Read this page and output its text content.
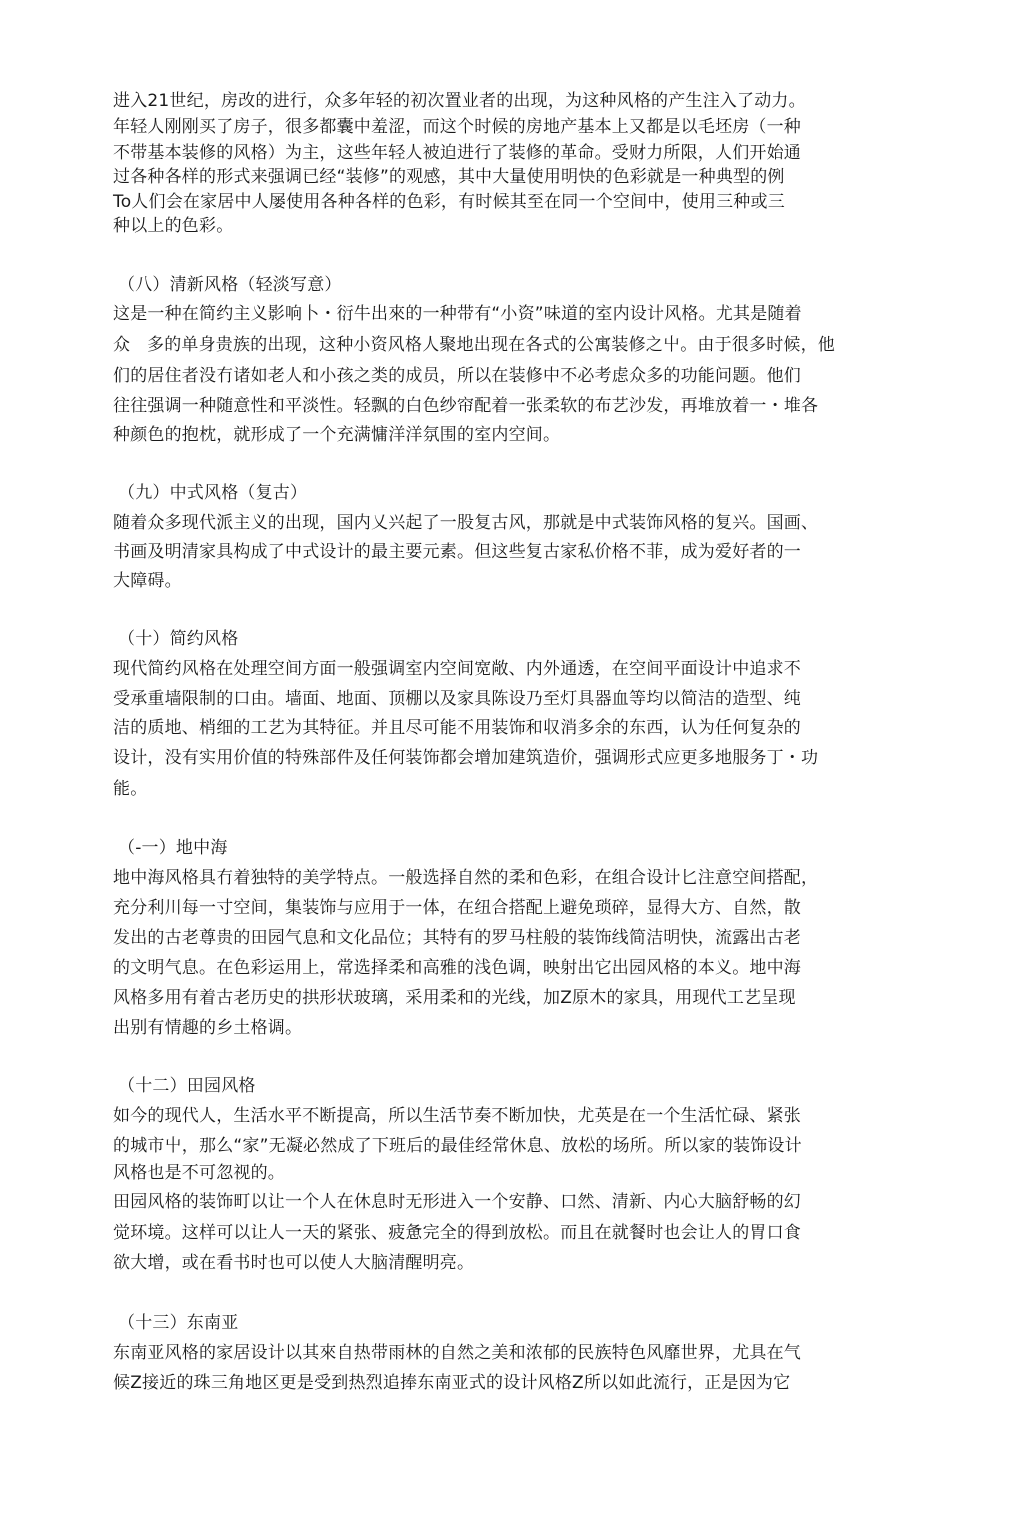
进入21世纪，房改的进行，众多年轻的初次置业者的出现，为这种风格的产生注入了动力。
年轻人刚刚买了房子，很多都囊中羞涩，而这个时候的房地产基本上又都是以毛坯房（一种
不带基本装修的风格）为主，这些年轻人被迫进行了装修的革命。受财力所限，人们开始通
过各种各样的形式来强调已经“装修”的观感，其中大量使用明快的色彩就是一种典型的例
To人们会在家居中人屡使用各种各样的色彩，有时候其至在同一个空间中，使用三种或三
种以上的色彩。
（八）清新风格（轻淡写意）
这是一种在简约主义影响卜・衍牛出來的一种带有“小资”味道的室内设计风格。尤其是随着
众   多的单身贵族的出现，这种小资风格人聚地出现在各式的公寓装修之屮。由于很多时候，他
们的居住者没冇诸如老人和小孩之类的成员，所以在装修中不必考虑众多的功能问题。他们
往往强调一种随意性和平淡性。轻飘的白色纱帘配着一张柔软的布艺沙发，再堆放着一・堆各
种颜色的抱枕，就形成了一个充满慵洋洋氛围的室内空间。
（九）中式风格（复古）
随着众多现代派主义的出现，国内乂兴起了一股复古风，那就是中式装饰风格的复兴。国画、
书画及明清家具构成了中式设计的最主要元素。但这些复古家私价格不菲，成为爱好者的一
大障碍。
（十）简约风格
现代简约风格在处理空间方面一般强调室内空间宽敞、内外通透，在空间平面设计中追求不
受承重墙限制的口由。墙面、地面、顶棚以及家具陈设乃至灯具器血等均以简洁的造型、纯
洁的质地、梢细的工艺为其特征。并且尽可能不用装饰和収消多余的东西，认为任何复杂的
设计，没有实用价值的特殊部件及任何装饰都会增加建筑造价，强调形式应更多地服务丁・功
能。
（-一）地中海
地中海风格具冇着独特的美学特点。一般选择自然的柔和色彩，在组合设计匕注意空间搭配，
充分利川每一寸空间，集装饰与应用于一体，在纽合搭配上避免琐碎，显得大方、自然，散
发出的古老尊贵的田园气息和文化品位；其特有的罗马柱般的装饰线简洁明快，流露出古老
的文明气息。在色彩运用上，常选择柔和高雅的浅色调，映射出它出园风格的本义。地中海
风格多用有着古老历史的拱形状玻璃，采用柔和的光线，加Z原木的家具，用现代工艺呈现
出别有情趣的乡土格调。
（十二）田园风格
如今的现代人，生活水平不断提高，所以生活节奏不断加快，尤英是在一个生活忙碌、紧张
的城市屮，那么“家”无凝必然成了下班后的最佳经常休息、放松的场所。所以家的装饰设计
风格也是不可忽视的。
田园风格的装饰町以让一个人在休息时无形进入一个安静、口然、清新、内心大脑舒畅的幻
觉环境。这样可以让人一天的紧张、疲惫完全的得到放松。而且在就餐时也会让人的胃口食
欲大增，或在看书时也可以使人大脑清醒明亮。
（十三）东南亚
东南亚风格的家居设计以其來自热带雨林的自然之美和浓郁的民族特色风靡世界，尤具在气
候Z接近的珠三角地区更是受到热烈追捧东南亚式的设计风格Z所以如此流行，正是因为它
